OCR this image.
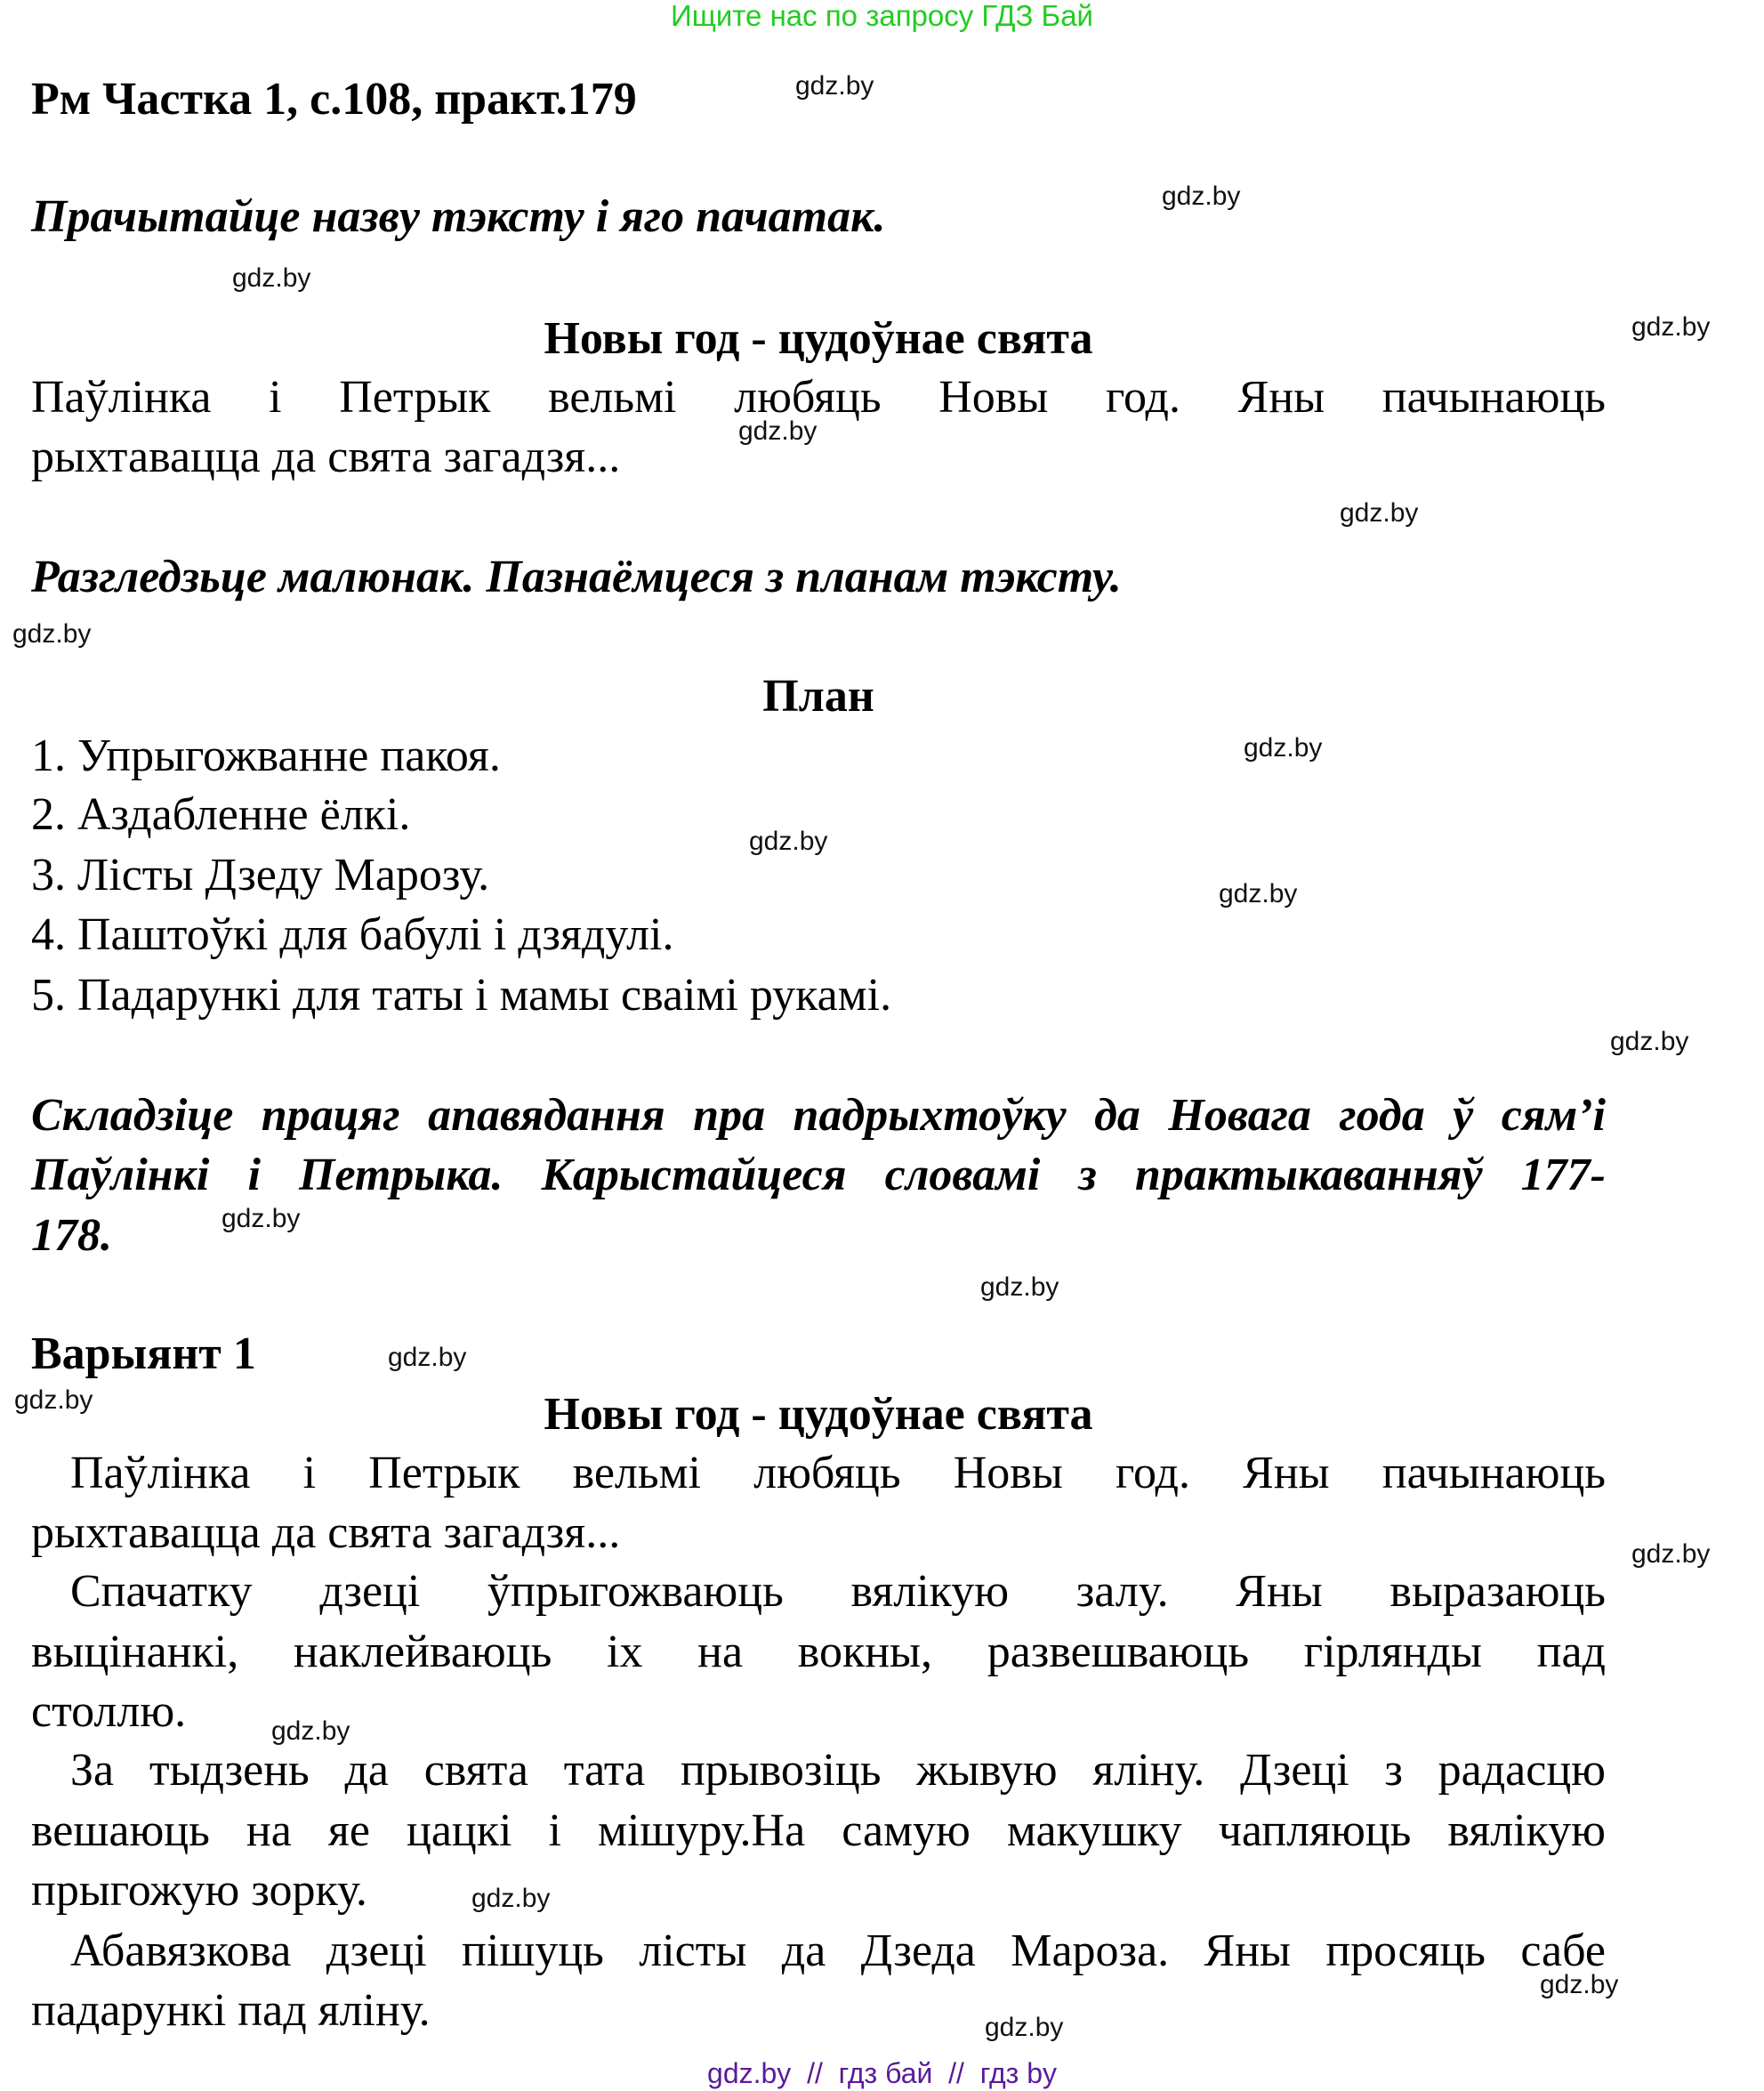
Ищите нас по запросу ГДЗ Бай
Рм Частка 1, с.108, практ.179
Прачытайце назву тэксту і яго пачатак.
Новы год - цудоўнае свята
Паўлінка і Петрык вельмі любяць Новы год. Яны пачынаюць
рыхтавацца да свята загадзя...
Разгледзьце малюнак. Пазнаёмцеся з планам тэксту.
План
1. Упрыгожванне пакоя.
2. Аздабленне ёлкі.
3. Лісты Дзеду Марозу.
4. Паштоўкі для бабулі і дзядулі.
5. Падарункі для таты і мамы сваімі рукамі.
Складзіце працяг апавядання пра падрыхтоўку да Новага года ў сям’і
Паўлінкі і Петрыка. Карыстайцеся словамі з практыкаванняў 177-
178.
Варыянт 1
Новы год - цудоўнае свята
Паўлінка і Петрык вельмі любяць Новы год. Яны пачынаюць
рыхтавацца да свята загадзя...
Спачатку дзеці ўпрыгожваюць вялікую залу. Яны выразаюць
выцінанкі, наклейваюць іх на вокны, развешваюць гірлянды пад
столлю.
За тыдзень да свята тата прывозіць жывую яліну. Дзеці з радасцю
вешаюць на яе цацкі і мішуру.На самую макушку чапляюць вялікую
прыгожую зорку.
Абавязкова дзеці пішуць лісты да Дзеда Мароза. Яны просяць сабе
падарункі пад яліну.
gdz.by
gdz.by
gdz.by
gdz.by
gdz.by
gdz.by
gdz.by
gdz.by
gdz.by
gdz.by
gdz.by
gdz.by
gdz.by
gdz.by
gdz.by
gdz.by
gdz.by
gdz.by
gdz.by
gdz.by
gdz.by  //  гдз бай  //  гдз by
